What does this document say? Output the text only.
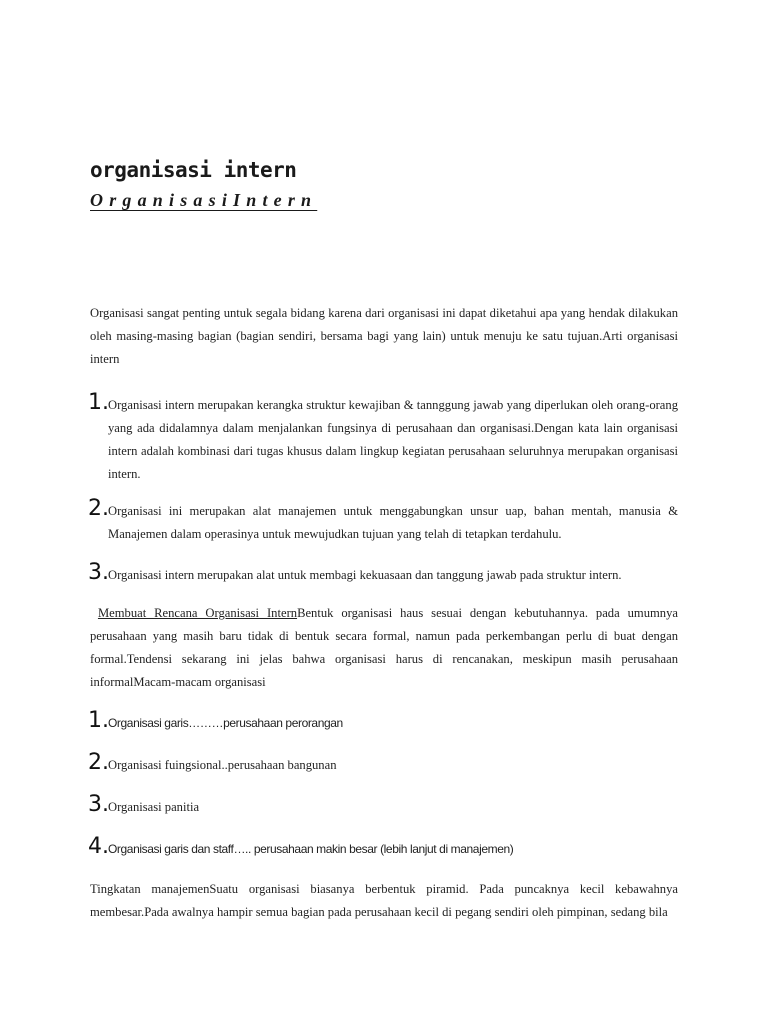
organisasi intern
OrganisasiIntern
Organisasi sangat penting untuk segala bidang karena dari organisasi ini dapat diketahui apa yang hendak dilakukan oleh masing-masing bagian (bagian sendiri, bersama bagi yang lain) untuk menuju ke satu tujuan.Arti organisasi intern
1. Organisasi intern merupakan kerangka struktur kewajiban & tannggung jawab yang diperlukan oleh orang-orang yang ada didalamnya dalam menjalankan fungsinya di perusahaan dan organisasi.Dengan kata lain organisasi intern adalah kombinasi dari tugas khusus dalam lingkup kegiatan perusahaan seluruhnya merupakan organisasi intern.
2. Organisasi ini merupakan alat manajemen untuk menggabungkan unsur uap, bahan mentah, manusia & Manajemen dalam operasinya untuk mewujudkan tujuan yang telah di tetapkan terdahulu.
3. Organisasi intern merupakan alat untuk membagi kekuasaan dan tanggung jawab pada struktur intern.
Membuat Rencana Organisasi InternBentuk organisasi haus sesuai dengan kebutuhannya. pada umumnya perusahaan yang masih baru tidak di bentuk secara formal, namun pada perkembangan perlu di buat dengan formal.Tendensi sekarang ini jelas bahwa organisasi harus di rencanakan, meskipun masih perusahaan informalMacam-macam organisasi
1. Organisasi garis………perusahaan perorangan
2. Organisasi fuingsional..perusahaan bangunan
3. Organisasi panitia
4. Organisasi garis dan staff….. perusahaan makin besar (lebih lanjut di manajemen)
Tingkatan manajemenSuatu organisasi biasanya berbentuk piramid. Pada puncaknya kecil kebawahnya membesar.Pada awalnya hampir semua bagian pada perusahaan kecil di pegang sendiri oleh pimpinan, sedang bila
